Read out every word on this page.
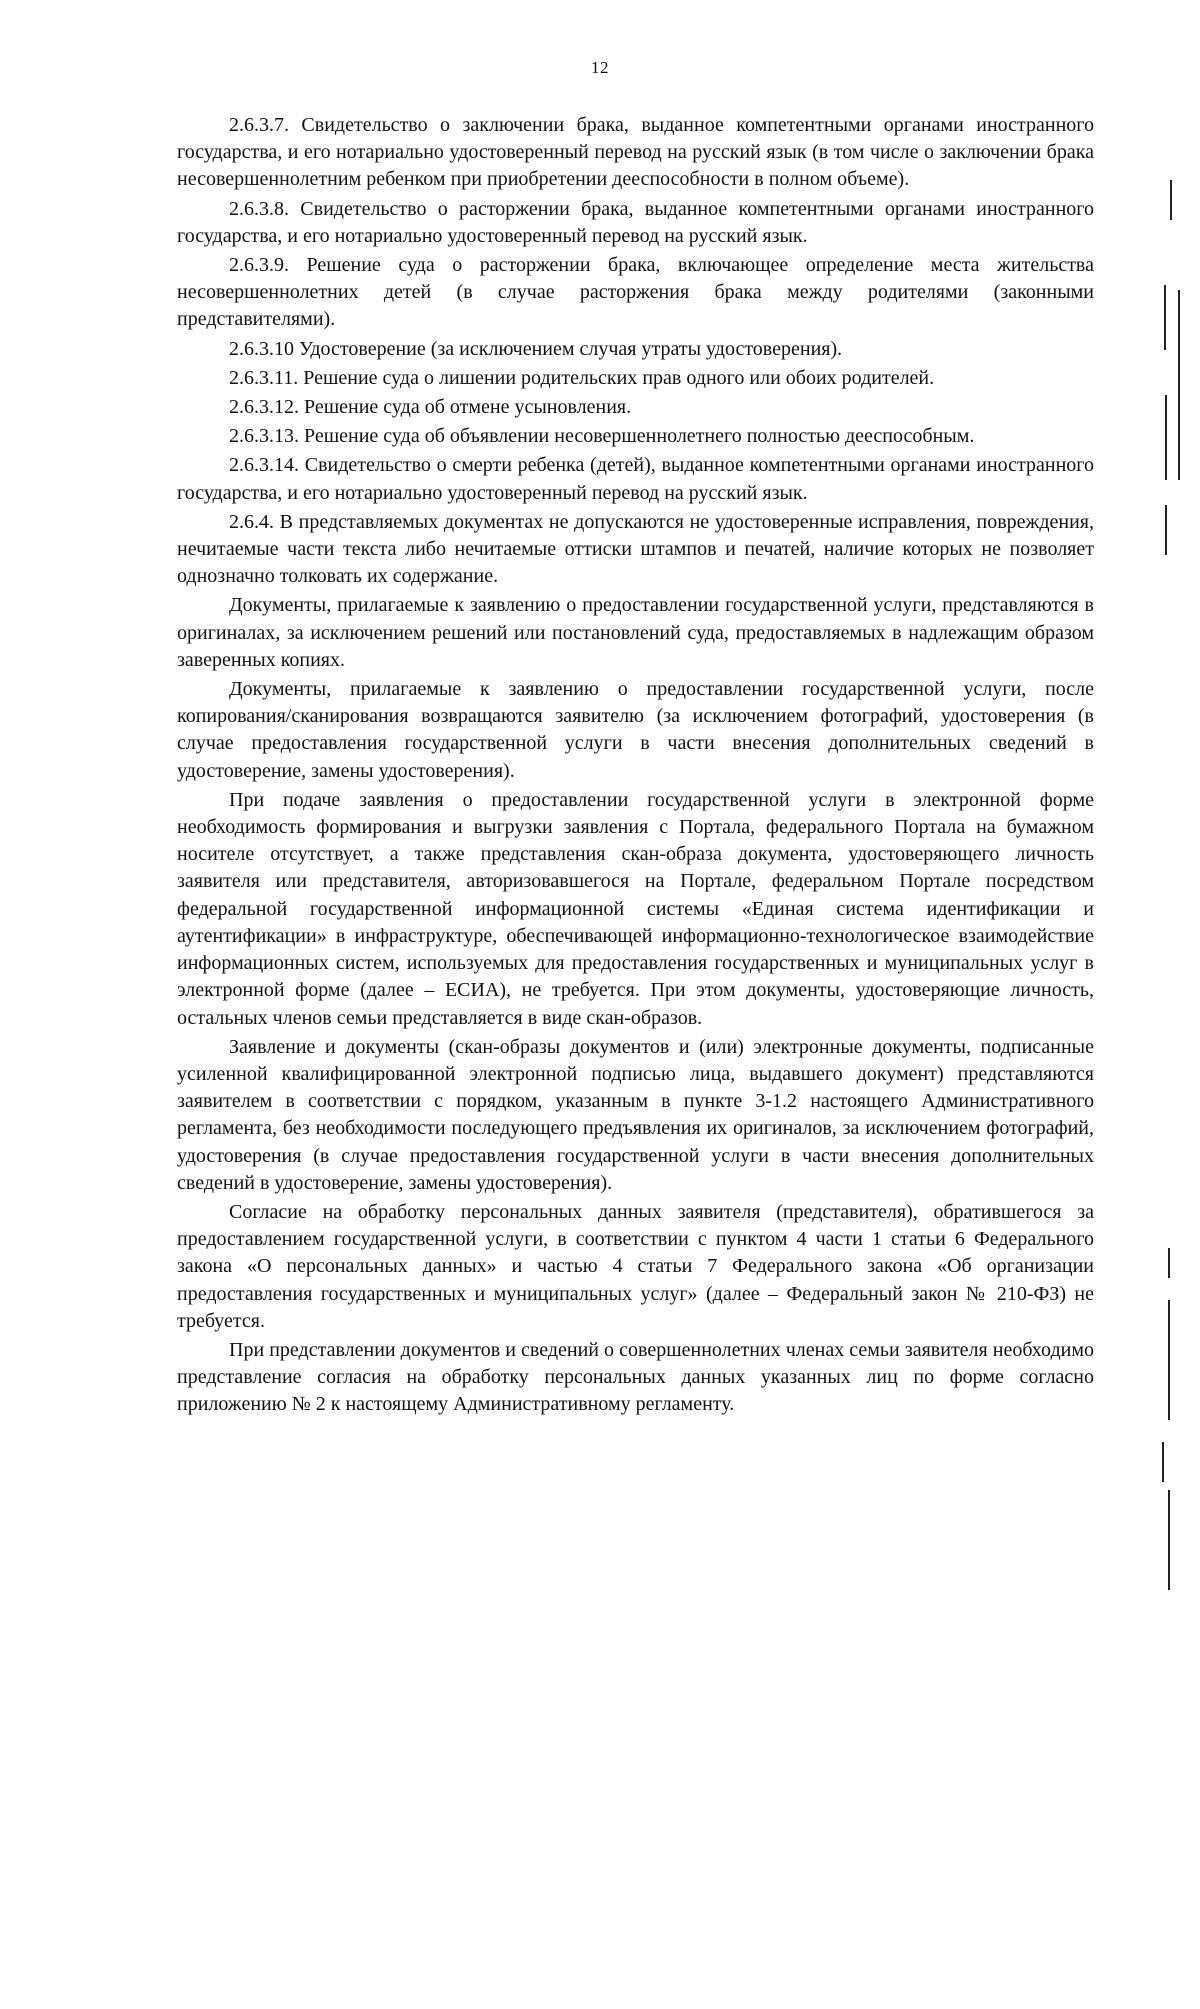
12

2.6.3.7. Свидетельство о заключении брака, выданное компетентными органами иностранного государства, и его нотариально удостоверенный перевод на русский язык (в том числе о заключении брака несовершеннолетним ребенком при приобретении дееспособности в полном объеме).

2.6.3.8. Свидетельство о расторжении брака, выданное компетентными органами иностранного государства, и его нотариально удостоверенный перевод на русский язык.

2.6.3.9. Решение суда о расторжении брака, включающее определение места жительства несовершеннолетних детей (в случае расторжения брака между родителями (законными представителями).

2.6.3.10 Удостоверение (за исключением случая утраты удостоверения).

2.6.3.11. Решение суда о лишении родительских прав одного или обоих родителей.

2.6.3.12. Решение суда об отмене усыновления.

2.6.3.13. Решение суда об объявлении несовершеннолетнего полностью дееспособным.

2.6.3.14. Свидетельство о смерти ребенка (детей), выданное компетентными органами иностранного государства, и его нотариально удостоверенный перевод на русский язык.

2.6.4. В представляемых документах не допускаются не удостоверенные исправления, повреждения, нечитаемые части текста либо нечитаемые оттиски штампов и печатей, наличие которых не позволяет однозначно толковать их содержание.

Документы, прилагаемые к заявлению о предоставлении государственной услуги, представляются в оригиналах, за исключением решений или постановлений суда, предоставляемых в надлежащим образом заверенных копиях.

Документы, прилагаемые к заявлению о предоставлении государственной услуги, после копирования/сканирования возвращаются заявителю (за исключением фотографий, удостоверения (в случае предоставления государственной услуги в части внесения дополнительных сведений в удостоверение, замены удостоверения).

При подаче заявления о предоставлении государственной услуги в электронной форме необходимость формирования и выгрузки заявления с Портала, федерального Портала на бумажном носителе отсутствует, а также представления скан-образа документа, удостоверяющего личность заявителя или представителя, авторизовавшегося на Портале, федеральном Портале посредством федеральной государственной информационной системы «Единая система идентификации и аутентификации» в инфраструктуре, обеспечивающей информационно-технологическое взаимодействие информационных систем, используемых для предоставления государственных и муниципальных услуг в электронной форме (далее – ЕСИА), не требуется. При этом документы, удостоверяющие личность, остальных членов семьи представляется в виде скан-образов.

Заявление и документы (скан-образы документов и (или) электронные документы, подписанные усиленной квалифицированной электронной подписью лица, выдавшего документ) представляются заявителем в соответствии с порядком, указанным в пункте 3-1.2 настоящего Административного регламента, без необходимости последующего предъявления их оригиналов, за исключением фотографий, удостоверения (в случае предоставления государственной услуги в части внесения дополнительных сведений в удостоверение, замены удостоверения).

Согласие на обработку персональных данных заявителя (представителя), обратившегося за предоставлением государственной услуги, в соответствии с пунктом 4 части 1 статьи 6 Федерального закона «О персональных данных» и частью 4 статьи 7 Федерального закона «Об организации предоставления государственных и муниципальных услуг» (далее – Федеральный закон № 210-ФЗ) не требуется.

При представлении документов и сведений о совершеннолетних членах семьи заявителя необходимо представление согласия на обработку персональных данных указанных лиц по форме согласно приложению № 2 к настоящему Административному регламенту.
